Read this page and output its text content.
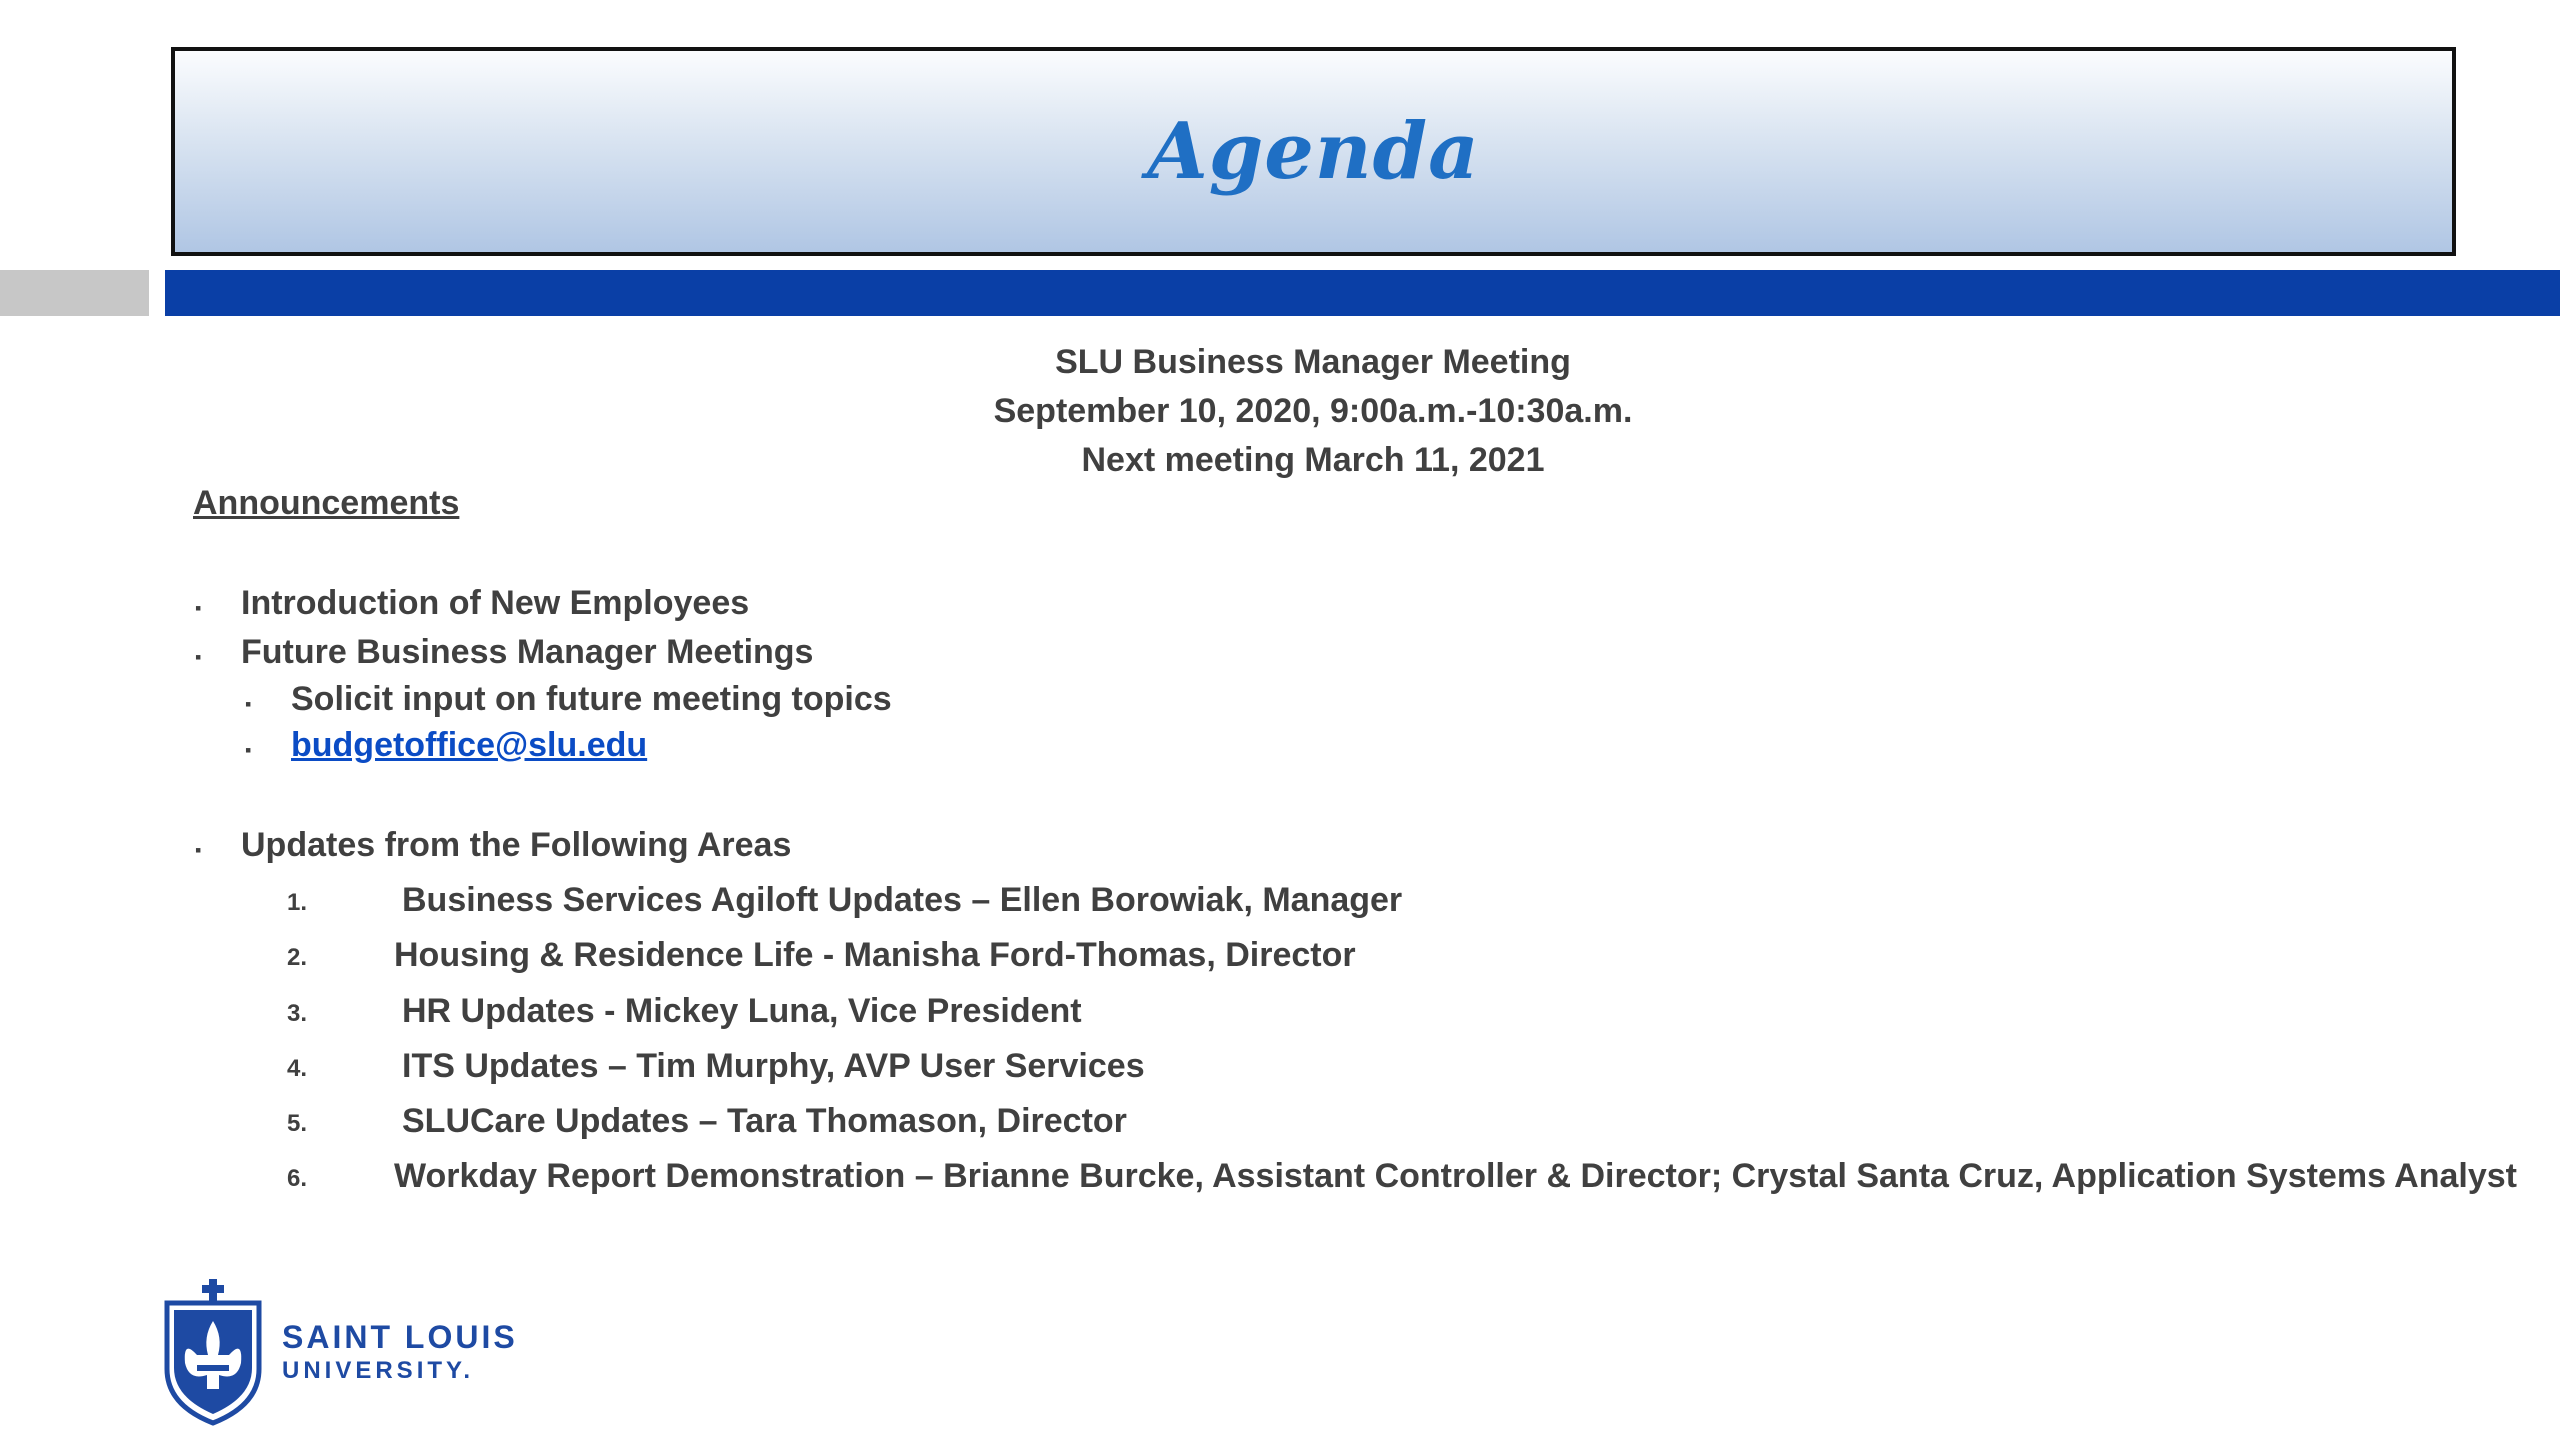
Agenda
SLU Business Manager Meeting
September 10, 2020, 9:00a.m.-10:30a.m.
Next meeting March 11, 2021
Announcements
▪ Introduction of New Employees
▪ Future Business Manager Meetings
▪ Solicit input on future meeting topics
▪ budgetoffice@slu.edu
▪ Updates from the Following Areas
1.	Business Services Agiloft Updates – Ellen Borowiak, Manager
2.	Housing & Residence Life - Manisha Ford-Thomas, Director
3.	HR Updates - Mickey Luna, Vice President
4.	ITS Updates – Tim Murphy, AVP User Services
5.	SLUCare Updates – Tara Thomason, Director
6.	Workday Report Demonstration – Brianne Burcke, Assistant Controller & Director; Crystal Santa Cruz, Application Systems Analyst
SAINT LOUIS
UNIVERSITY.
